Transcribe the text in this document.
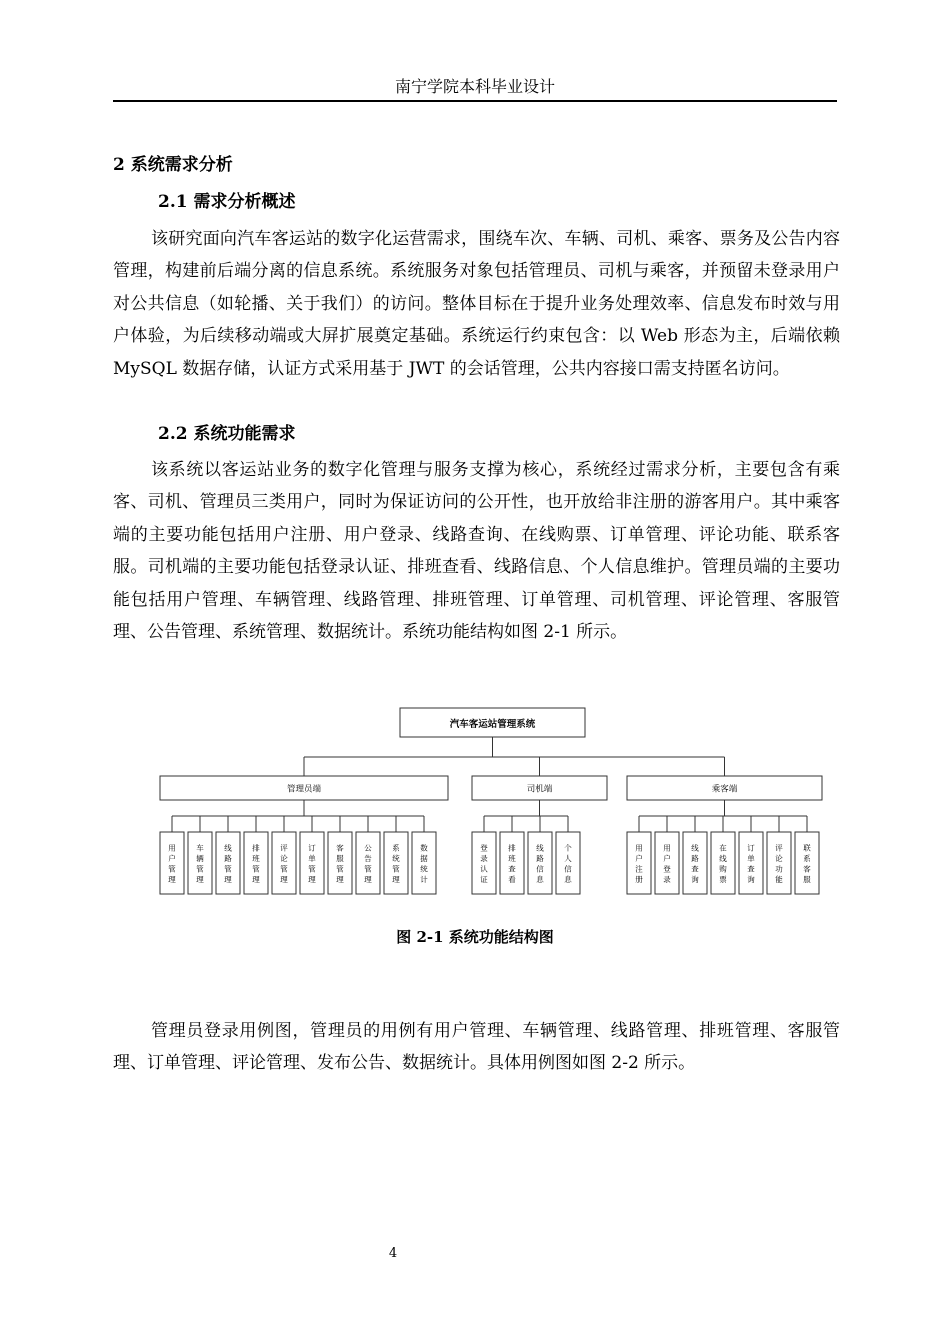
南宁学院本科毕业设计
2 系统需求分析
2.1 需求分析概述

该研究面向汽车客运站的数字化运营需求，围绕车次、车辆、司机、乘客、票务及公告内容管理，构建前后端分离的信息系统。系统服务对象包括管理员、司机与乘客，并预留未登录用户对公共信息（如轮播、关于我们）的访问。整体目标在于提升业务处理效率、信息发布时效与用户体验，为后续移动端或大屏扩展奠定基础。系统运行约束包含：以 Web 形态为主，后端依赖 MySQL 数据存储，认证方式采用基于 JWT 的会话管理，公共内容接口需支持匿名访问。

2.2 系统功能需求

该系统以客运站业务的数字化管理与服务支撑为核心，系统经过需求分析，主要包含有乘客、司机、管理员三类用户，同时为保证访问的公开性，也开放给非注册的游客用户。其中乘客端的主要功能包括用户注册、用户登录、线路查询、在线购票、订单管理、评论功能、联系客服。司机端的主要功能包括登录认证、排班查看、线路信息、个人信息维护。管理员端的主要功能包括用户管理、车辆管理、线路管理、排班管理、订单管理、司机管理、评论管理、客服管理、公告管理、系统管理、数据统计。系统功能结构如图 2-1 所示。

汽车客运站管理系统
管理员端
用户管理
车辆管理
线路管理
排班管理
评论管理
订单管理
客服管理
公告管理
系统管理
数据统计
司机端
登录认证
排班查看
线路信息
个人信息
乘客端
用户注册
用户登录
线路查询
在线购票
订单查询
评论功能
联系客服
图 2-1 系统功能结构图

管理员登录用例图，管理员的用例有用户管理、车辆管理、线路管理、排班管理、客服管理、订单管理、评论管理、发布公告、数据统计。具体用例图如图 2-2 所示。

4
